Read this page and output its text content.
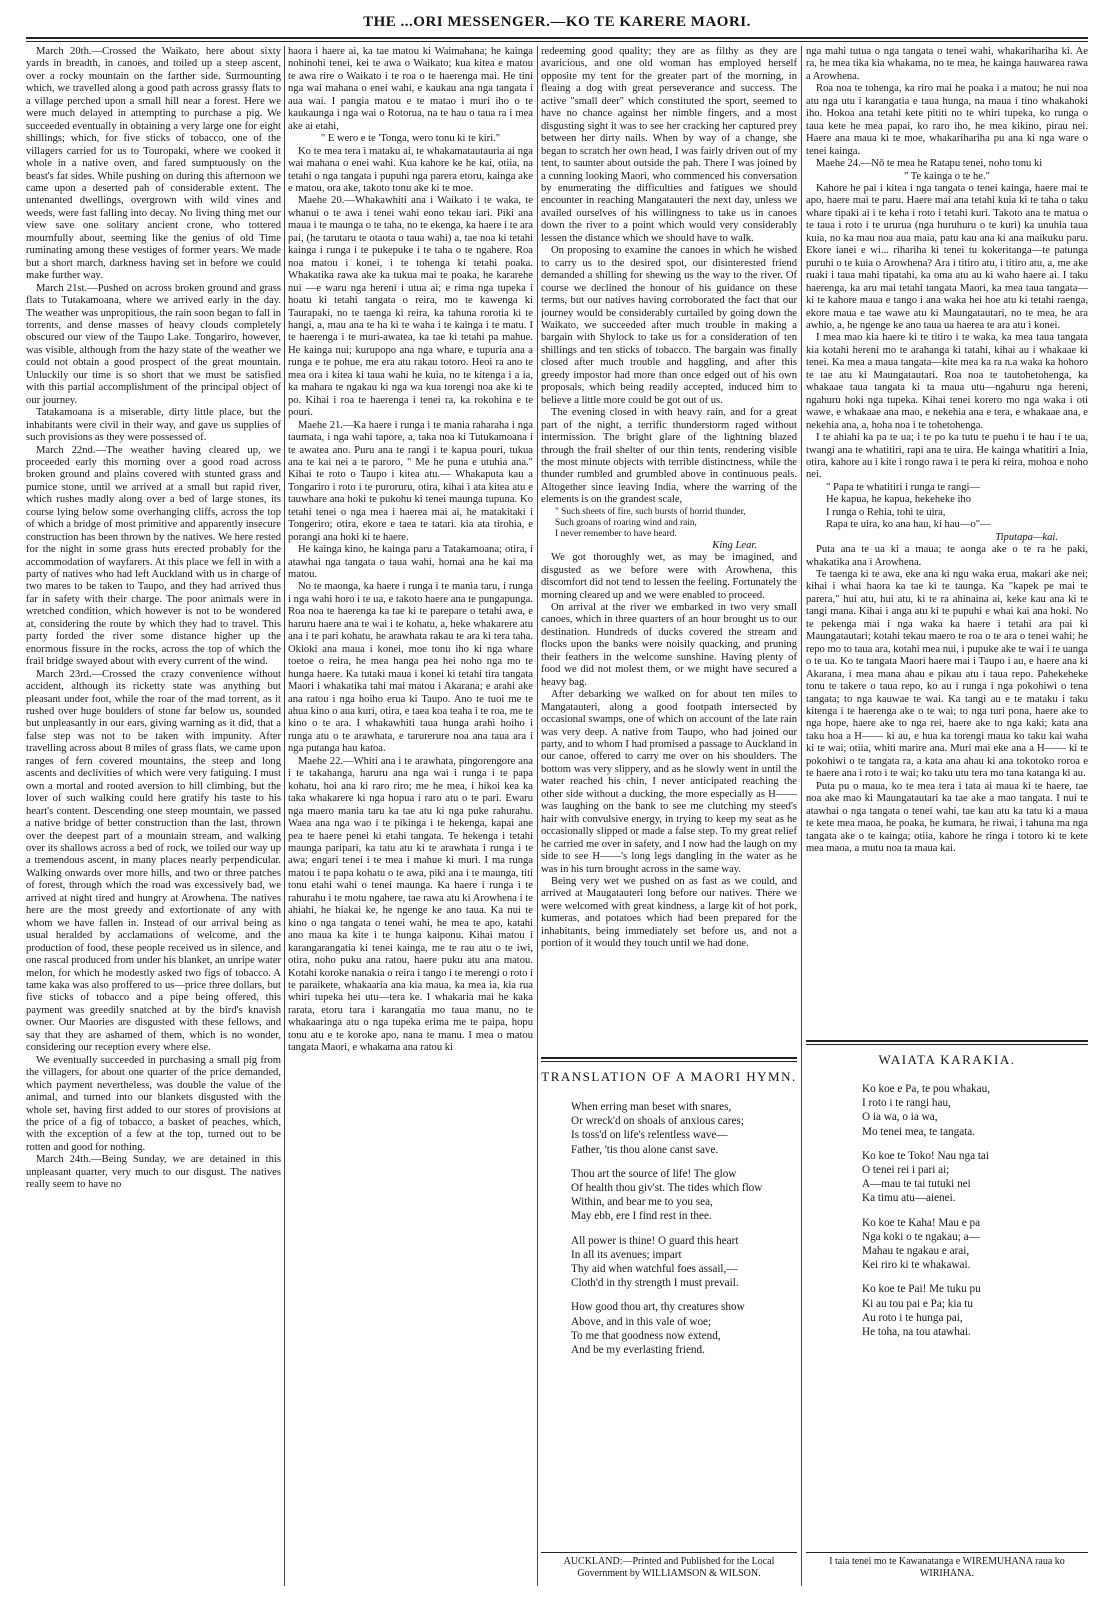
THE ...ORI MESSENGER.—KO TE KARERE MAORI.

March 20th.—Crossed the Waikato, here about sixty yards in breadth, in canoes, and toiled up a steep ascent, over a rocky mountain on the farther side. Surmounting which, we travelled along a good path across grassy flats to a village perched upon a small hill near a forest. Here we were much delayed in attempting to purchase a pig. We succeeded eventually in obtaining a very large one for eight shillings; which, for five sticks of tobacco, one of the villagers carried for us to Touropaki, where we cooked it whole in a native oven, and fared sumptuously on the beast's fat sides. While pushing on during this afternoon we came upon a deserted pah of considerable extent. The untenanted dwellings, overgrown with wild vines and weeds, were fast falling into decay. No living thing met our view save one solitary ancient crone, who tottered mournfully about, seeming like the genius of old Time ruminating among these vestiges of former years. We made but a short march, darkness having set in before we could make further way.

March 21st.—Pushed on across broken ground and grass flats to Tutakamoana, where we arrived early in the day. The weather was unpropitious, the rain soon began to fall in torrents, and dense masses of heavy clouds completely obscured our view of the Taupo Lake. Tongariro, however, was visible, although from the hazy state of the weather we could not obtain a good prospect of the great mountain. Unluckily our time is so short that we must be satisfied with this partial accomplishment of the principal object of our journey.

Tatakamoana is a miserable, dirty little place, but the inhabitants were civil in their way, and gave us supplies of such provisions as they were possessed of.

March 22nd.—The weather having cleared up, we proceeded early this morning over a good road across broken ground and plains covered with stunted grass and pumice stone, until we arrived at a small but rapid river, which rushes madly along over a bed of large stones, its course lying below some overhanging cliffs, across the top of which a bridge of most primitive and apparently insecure construction has been thrown by the natives. We here rested for the night in some grass huts erected probably for the accommodation of wayfarers. At this place we fell in with a party of natives who had left Auckland with us in charge of two mares to be taken to Taupo, and they had arrived thus far in safety with their charge. The poor animals were in wretched condition, which however is not to be wondered at, considering the route by which they had to travel. This party forded the river some distance higher up the enormous fissure in the rocks, across the top of which the frail bridge swayed about with every current of the wind.

March 23rd.—Crossed the crazy convenience without accident, although its ricketty state was anything but pleasant under foot, while the roar of the mad torrent, as it rushed over huge boulders of stone far below us, sounded but unpleasantly in our ears, giving warning as it did, that a false step was not to be taken with impunity. After travelling across about 8 miles of grass flats, we came upon ranges of fern covered mountains, the steep and long ascents and declivities of which were very fatiguing. I must own a mortal and rooted aversion to hill climbing, but the lover of such walking could here gratify his taste to his heart's content. Descending one steep mountain, we passed a native bridge of better construction than the last, thrown over the deepest part of a mountain stream, and walking over its shallows across a bed of rock, we toiled our way up a tremendous ascent, in many places nearly perpendicular. Walking onwards over more hills, and two or three patches of forest, through which the road was excessively bad, we arrived at night tired and hungry at Arowhena. The natives here are the most greedy and extortionate of any with whom we have fallen in. Instead of our arrival being as usual heralded by acclamations of welcome, and the production of food, these people received us in silence, and one rascal produced from under his blanket, an unripe water melon, for which he modestly asked two figs of tobacco. A tame kaka was also proffered to us—price three dollars, but five sticks of tobacco and a pipe being offered, this payment was greedily snatched at by the bird's knavish owner. Our Maories are disgusted with these fellows, and say that they are ashamed of them, which is no wonder, considering our reception every where else.

We eventually succeeded in purchasing a small pig from the villagers, for about one quarter of the price demanded, which payment nevertheless, was double the value of the animal, and turned into our blankets disgusted with the whole set, having first added to our stores of provisions at the price of a fig of tobacco, a basket of peaches, which, with the exception of a few at the top, turned out to be rotten and good for nothing.

March 24th.—Being Sunday, we are detained in this unpleasant quarter, very much to our disgust. The natives really seem to have no

haora i haere ai, ka tae matou ki Waimahana; he kainga nohinohi tenei, kei te awa o Waikato; kua kitea e matou te awa rire o Waikato i te roa o te haerenga mai. He tini nga wai mahana o enei wahi, e kaukau ana nga tangata i aua wai. I pangia matou e te matao i muri iho o te kaukaunga i nga wai o Rotorua, na te hau o taua ra i mea ake ai etahi,

" E wero e te 'Tonga, wero tonu ki te kiri."

Ko te mea tera i mataku ai, te whakamatautauria ai nga wai mahana o enei wahi. Kua kahore ke he kai, otiia, na tetahi o nga tangata i pupuhi nga parera etoru, kainga ake e matou, ora ake, takoto tonu ake ki te moe.

Maehe 20.—Whakawhiti ana i Waikato i te waka, te whanui o te awa i tenei wahi eono tekau iari. Piki ana maua i te maunga o te taha, no te ekenga, ka haere i te ara pai, (he tarutaru te otaota o taua wahi) a, tae noa ki tetahi kainga i runga i te pukepuke i te taha o te ngahere. Roa noa matou i konei, i te tohenga ki tetahi poaka. Whakatika rawa ake ka tukua mai te poaka, he kararehe nui —e waru nga hereni i utua ai; e rima nga tupeka i hoatu ki tetahi tangata o reira, mo te kawenga ki Taurapaki, no te taenga ki reira, ka tahuna rorotia ki te hangi, a, mau ana te ha ki te waha i te kainga i te matu. I te haerenga i te muri-awatea, ka tae ki tetahi pa mahue. He kainga nui; kurupopo ana nga whare, e tupuria ana a runga e te pohue, me era atu rakau totoro. Heoi ra ano te mea ora i kitea ki taua wahi he kuia, no te kitenga i a ia, ka mahara te ngakau ki nga wa kua torengi noa ake ki te po. Kihai i roa te haerenga i tenei ra, ka rokohina e te pouri.

Maehe 21.—Ka haere i runga i te mania raharaha i nga taumata, i nga wahi tapore, a, taka noa ki Tutukamoana i te awatea ano. Puru ana te rangi i te kapua pouri, tukua ana te kai nei a te paroro, " Me he puna e utuhia ana." Kihai te roto o Taupo i kitea atu.— Whakaputa kau a Tongariro i roto i te puroruru, otira, kihai i ata kitea atu e tauwhare ana hoki te pukohu ki tenei maunga tupuna. Ko tetahi tenei o nga mea i haerea mai ai, he matakitaki i Tongeriro; otira, ekore e taea te tatari. kia ata tirohia, e porangi ana hoki ki te haere.

He kainga kino, he kainga paru a Tatakamoana; otira, i atawhai nga tangata o taua wahi, homai ana he kai ma matou.

No te maonga, ka haere i runga i te mania taru, i runga i nga wahi horo i te ua, e takoto haere ana te pungapunga. Roa noa te haerenga ka tae ki te parepare o tetahi awa, e haruru haere ana te wai i te kohatu, a, heke whakarere atu ana i te pari kohatu, he arawhata rakau te ara ki tera taha. Okioki ana maua i konei, moe tonu iho ki nga whare toetoe o reira, he mea hanga pea hei noho nga mo te hunga haere. Ka tutaki maua i konei ki tetahi tira tangata Maori i whakatika tahi mai matou i Akarana; e arahi ake ana ratou i nga hoiho erua ki Taupo. Ano te tuoi me te ahua kino o aua kuri, otira, e taea koa teaha i te roa, me te kino o te ara. I whakawhiti taua hunga arahi hoiho i runga atu o te arawhata, e tarurerure noa ana taua ara i nga putanga hau katoa.

Maehe 22.—Whiti ana i te arawhata, pingorengore ana i te takahanga, haruru ana nga wai i runga i te papa kohatu, hoi ana ki raro riro; me he mea, i hikoi kea ka taka whakarere ki nga hopua i raro atu o te pari. Ewaru nga maero mania taru ka tae atu ki nga puke rahurahu. Waea ana nga wao i te pikinga i te hekenga, kapai ane pea te haere penei ki etahi tangata. Te hekenga i tetahi maunga paripari, ka tatu atu ki te arawhata i runga i te awa; engari tenei i te mea i mahue ki muri. I ma runga matou i te papa kohatu o te awa, piki ana i te maunga, titi tonu etahi wahi o tenei maunga. Ka haere i runga i te rahurahu i te motu ngahere, tae rawa atu ki Arowhena i te ahiahi, he hiakai ke, he ngenge ke ano taua. Ka nui te kino o nga tangata o tenei wahi, he mea te apo, katahi ano maua ka kite i te hunga kaiponu. Kihai matou i karangarangatia ki tenei kainga, me te rau atu o te iwi, otira, noho puku ana ratou, haere puku atu ana matou. Kotahi koroke nanakia o reira i tango i te merengi o roto i te paraikete, whakaaria ana kia maua, ka mea ia, kia rua whiri tupeka hei utu—tera ke. I whakaria mai he kaka rarata, etoru tara i karangatia mo taua manu, no te whakaaringa atu o nga tupeka erima me te paipa, hopu tonu atu e te koroke apo, nana te manu. I mea o matou tangata Maori, e whakama ana ratou ki

redeeming good quality; they are as filthy as they are avaricious, and one old woman has employed herself opposite my tent for the greater part of the morning, in fleaing a dog with great perseverance and success. The active "small deer" which constituted the sport, seemed to have no chance against her nimble fingers, and a most disgusting sight it was to see her cracking her captured prey between her dirty nails. When by way of a change, she began to scratch her own head, I was fairly driven out of my tent, to saunter about outside the pah. There I was joined by a cunning looking Maori, who commenced his conversation by enumerating the difficulties and fatigues we should encounter in reaching Mangatauteri the next day, unless we availed ourselves of his willingness to take us in canoes down the river to a point which would very considerably lessen the distance which we should have to walk.

On proposing to examine the canoes in which he wished to carry us to the desired spot, our disinterested friend demanded a shilling for shewing us the way to the river. Of course we declined the honour of his guidance on these terms, but our natives having corroborated the fact that our journey would be considerably curtailed by going down the Waikato, we succeeded after much trouble in making a bargain with Shylock to take us for a consideration of ten shillings and ten sticks of tobacco. The bargain was finally closed after much trouble and haggling, and after this greedy impostor had more than once edged out of his own proposals, which being readily accepted, induced him to believe a little more could be got out of us.

The evening closed in with heavy rain, and for a great part of the night, a terrific thunderstorm raged without intermission. The bright glare of the lightning blazed through the frail shelter of our thin tents, rendering visible the most minute objects with terrible distinctness, while the thunder rumbled and grumbled above in continuous peals. Altogether since leaving India, where the warring of the elements is on the grandest scale,

" Such sheets of fire, such bursts of horrid thunder,
Such groans of roaring wind and rain,
I never remember to have heard.

King Lear.

We got thoroughly wet, as may be imagined, and disgusted as we before were with Arowhena, this discomfort did not tend to lessen the feeling. Fortunately the morning cleared up and we were enabled to proceed.

On arrival at the river we embarked in two very small canoes, which in three quarters of an hour brought us to our destination. Hundreds of ducks covered the stream and flocks upon the banks were noisily quacking, and pruning their feathers in the welcome sunshine. Having plenty of food we did not molest them, or we might have secured a heavy bag.

After debarking we walked on for about ten miles to Mangatauteri, along a good footpath intersected by occasional swamps, one of which on account of the late rain was very deep. A native from Taupo, who had joined our party, and to whom I had promised a passage to Auckland in our canoe, offered to carry me over on his shoulders. The bottom was very slippery, and as he slowly went in until the water reached his chin, I never anticipated reaching the other side without a ducking, the more especially as H—— was laughing on the bank to see me clutching my steed's hair with convulsive energy, in trying to keep my seat as he occasionally slipped or made a false step. To my great relief he carried me over in safety, and I now had the laugh on my side to see H——'s long legs dangling in the water as he was in his turn brought across in the same way.

Being very wet we pushed on as fast as we could, and arrived at Maugatauteri long before our natives. There we were welcomed with great kindness, a large kit of hot pork, kumeras, and potatoes which had been prepared for the inhabitants, being immediately set before us, and not a portion of it would they touch until we had done.

nga mahi tutua o nga tangata o tenei wahi, whakarihariha ki. Ae ra, he mea tika kia whakama, no te mea, he kainga hauwarea rawa a Arowhena.

Roa noa te tohenga, ka riro mai he poaka i a matou; he nui noa atu nga utu i karangatia e taua hunga, na maua i tino whakahoki iho. Hokoa ana tetahi kete pititi no te whiri tupeka, ko runga o taua kete he mea papai, ko raro iho, he mea kikino, pirau nei. Haere ana maua ki te moe, whakarihariha pu ana ki nga ware o tenei kainga.

Maehe 24.—Nǒ te mea he Ratapu tenei, noho tonu ki

" Te kainga o te he."

Kahore he pai i kitea i nga tangata o tenei kainga, haere mai te apo, haere mai te paru. Haere mai ana tetahi kuia ki te taha o taku whare tipaki ai i te keha i roto i tetahi kuri. Takoto ana te matua o te taua i roto i te ururua (nga huruhuru o te kuri) ka unuhia taua kuia, no ka mau noa aua maia, patu kau ana ki ana maikuku paru. Ekore ianei e wi... rihariha ki tenei tu kokeritanga—te patunga puruhi o te kuia o Arowhena? Ara i titiro atu, i titiro atu, a, me ake ruaki i taua mahi tipatahi, ka oma atu au ki waho haere ai. I taku haerenga, ka aru mai tetahi tangata Maori, ka mea taua tangata—ki te kahore maua e tango i ana waka hei hoe atu ki tetahi raenga, ekore maua e tae wawe atu ki Maungatautari, no te mea, he ara awhio, a, he ngenge ke ano taua ua haerea te ara atu i konei.

I mea mao kia haere ki te titiro i te waka, ka mea taua tangata kia kotahi hereni mo te arahanga ki tatahi, kihai au i whakaae ki tenei. Ka mea a maua tangata—kite mea ka ra n.a waka ka hohoro te tae atu ki Maungatautari. Roa noa te tautohetohenga, ka whakaae taua tangata ki ta maua utu—ngahuru nga hereni, ngahuru hoki nga tupeka. Kihai tenei korero mo nga waka i oti wawe, e whakaae ana mao, e nekehia ana e tera, e whakaae ana, e nekehia ana, a, hoha noa i te tohetohenga.

I te ahiahi ka pa te ua; i te po ka tutu te puehu i te hau i te ua, twangi ana te whatitiri, rapi ana te uira. He kainga whatitiri a Inia, otira, kahore au i kite i rongo rawa i te pera ki reira, mohoa e noho nei.

" Papa te whatitiri i runga te rangi—
He kapua, he kapua, hekeheke iho
I runga o Rehia, tohi te uira,
Rapa te uira, ko ana hau, ki hau—o"—

Tiputapa—kai.

Puta ana te ua ki a maua; te aonga ake o te ra he paki, whakatika ana i Arowhena.

Te taenga ki te awa, eke ana ki ngu waka erua, makari ake nei; kihai i whai haora ka tae ki te taunga. Ka "kapek pe mai te parera," hui atu, hui atu, ki te ra ahinaina ai, keke kau ana ki te tangi mana. Kihai i anga atu ki te pupuhi e whai kai ana hoki. No te pekenga mai i nga waka ka haere i tetahi ara pai ki Maungatautari; kotahi tekau maero te roa o te ara o tenei wahi; he repo mo to taua ara, kotahi mea nui, i pupuke ake te wai i te uanga o te ua. Ko te tangata Maori haere mai i Taupo i au, e haere ana ki Akarana, i mea mana ahau e pikau atu i taua repo. Pahekeheke tonu te takere o taua repo, ko au i runga i nga pokohiwi o tena tangata; to nga kauwae te wai. Ka tangi au e te mataku i taku kitenga i te haerenga ake o te wai; to nga turi pona, haere ake to nga hope, haere ake to nga rei, haere ake to nga kaki; kata ana taku hoa a H—— ki au, e hua ka torengi maua ko taku kai waha ki te wai; otiia, whiti marire ana. Muri mai eke ana a H—— ki te pokohiwi o te tangata ra, a kata ana ahau ki ana tokotoko roroa e te haere ana i roto i te wai; ko taku utu tera mo tana katanga ki au.

Puta pu o maua, ko te mea tera i tata ai maua ki te haere, tae noa ake mao ki Maungatautari ka tae ake a mao tangata. I nui te atawhai o nga tangata o tenei wahi, tae kau atu ka tatu ki a maua te kete mea maoa, he poaka, he kumara, he riwai, i tahuna ma nga tangata ake o te kainga; otiia, kahore he ringa i totoro ki te kete mea maoa, a mutu noa ta maua kai.

TRANSLATION OF A MAORI HYMN.
When erring man beset with snares,
Or wreck'd on shoals of anxious cares;
Is toss'd on life's relentless wave—
Father, 'tis thou alone canst save.
Thou art the source of life! The glow
Of health thou giv'st. The tides which flow
Within, and bear me to you sea,
May ebb, ere I find rest in thee.
All power is thine! O guard this heart
In all its avenues; impart
Thy aid when watchful foes assail,—
Cloth'd in thy strength I must prevail.
How good thou art, thy creatures show
Above, and in this vale of woe;
To me that goodness now extend,
And be my everlasting friend.
WAIATA KARAKIA.
Ko koe e Pa, te pou whakau,
I roto i te rangi hau,
O ia wa, o ia wa,
Mo tenei mea, te tangata.
Ko koe te Toko! Nau nga tai
O tenei rei i pari ai;
A—mau te tai tutuki nei
Ka timu atu—aienei.
Ko koe te Kaha! Mau e pa
Nga koki o te ngakau; a—
Mahau te ngakau e arai,
Kei riro ki te whakawai.
Ko koe te Pai! Me tuku pu
Ki au tou pai e Pa; kia tu
Au roto i te hunga pai,
He toha, na tou atawhai.
AUCKLAND:—Printed and Published for the Local Government by WILLIAMSON & WILSON.
I taia tenei mo te Kawanatanga e WIREMUHANA raua ko WIRIHANA.
